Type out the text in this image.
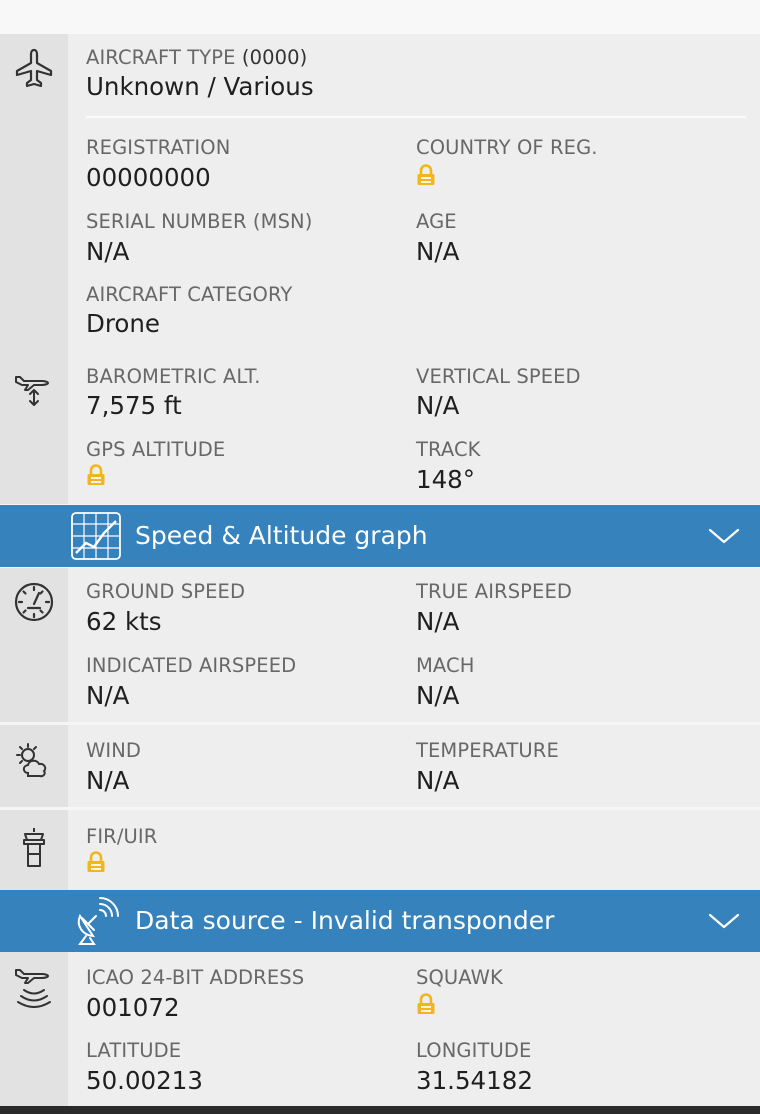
AIRCRAFT TYPE (0000)
Unknown / Various
REGISTRATION
00000000
COUNTRY OF REG.
SERIAL NUMBER (MSN)
N/A
AGE
N/A
AIRCRAFT CATEGORY
Drone
BAROMETRIC ALT.
7,575 ft
VERTICAL SPEED
N/A
GPS ALTITUDE	TRACK
148°
Speed & Altitude graph
GROUND SPEED
62 kts
TRUE AIRSPEED
N/A
INDICATED AIRSPEED
N/A
MACH
N/A
WIND
N/A
TEMPERATURE
N/A
FIR/UIR
Data source - Invalid transponder
ICAO 24-BIT ADDRESS
001072
SQUAWK
LATITUDE
50.00213
LONGITUDE
31.54182
